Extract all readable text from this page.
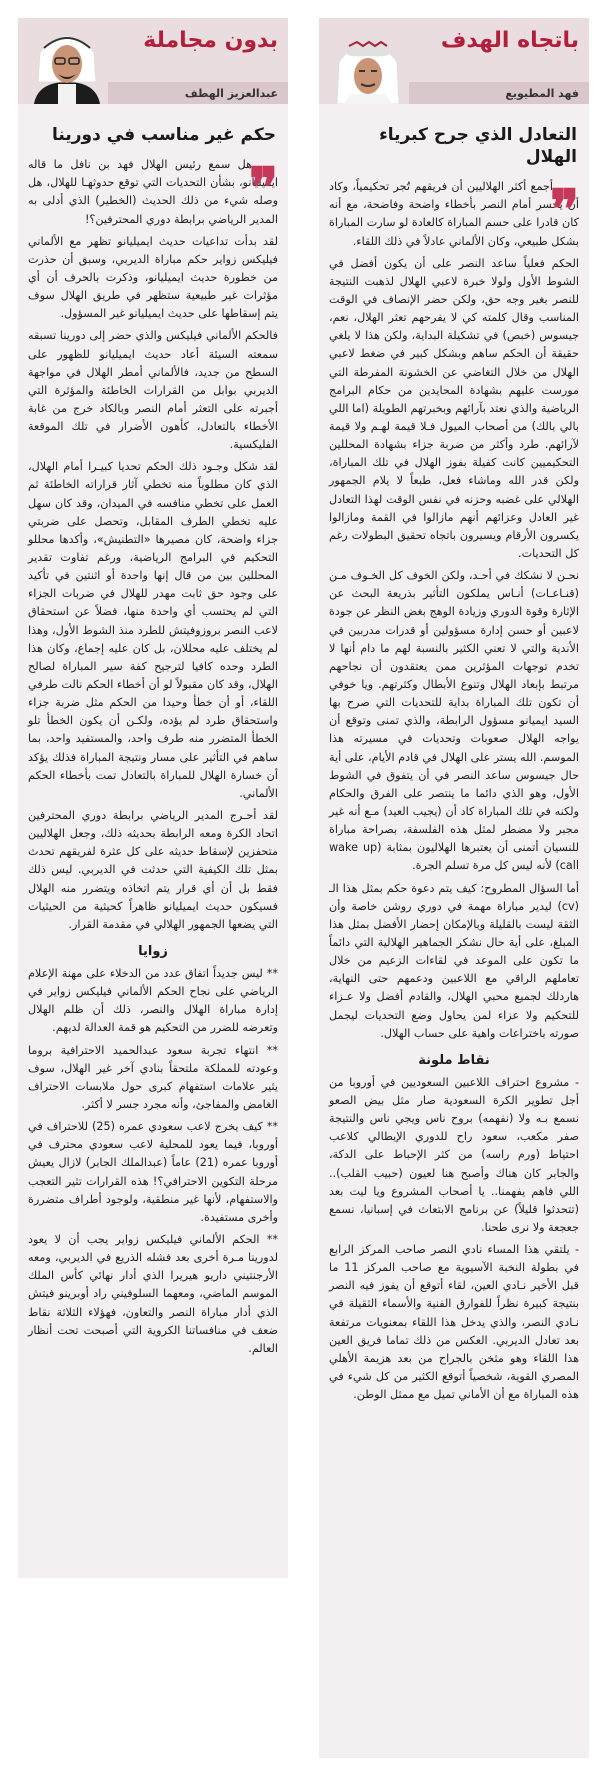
باتجاه الهدف
فهد المطيويع
التعادل الذي جرح كبرياء الهلال
❞

أجمع أكثر الهلاليين أن فريقهم تُجر تحكيمياً، وكاد أن يخسر أمام النصر بأخطاء واضحة وفاضحة، مع أنه كان قادرا على حسم المباراة كالعادة لو سارت المباراة بشكل طبيعي، وكان الألماني عادلاً في ذلك اللقاء.

الحكم فعلياً ساعد النصر على أن يكون أفضل في الشوط الأول ولولا خبرة لاعبي الهلال لذهبت النتيجة للنصر بغير وجه حق، ولكن حضر الإنصاف في الوقت المناسب وقال كلمته كي لا يفرحهم تعثر الهلال، نعم، جيسوس (خبص) في تشكيلة البداية، ولكن هذا لا يلغي حقيقة أن الحكم ساهم وبشكل كبير في ضغط لاعبي الهلال من خلال التغاضي عن الخشونة المفرطة التي مورست عليهم بشهادة المحايدين من حكام البرامج الرياضية والذي نعتد بآرائهم وبخبرتهم الطويلة (اما اللي بالي بالك) من أصحاب الميول فـلا قيمة لهـم ولا قيمة لآرائهم. طرد وأكثر من ضربة جزاء بشهادة المحللين التحكيميين كانت كفيلة بفوز الهلال في تلك المباراة، ولكن قدر الله وماشاء فعل، طبعاً لا يلام الجمهور الهلالي على غضبه وحزنه في نفس الوقت لهذا التعادل غير العادل وعزائهم أنهم مازالوا في القمة ومازالوا يكسرون الأرقام ويسيرون باتجاه تحقيق البطولات رغم كل التحديات.

نحـن لا نشكك في أحـد، ولكن الخوف كل الخـوف مـن (قنـاعـات) أنـاس يملكون التأثير بذريعة البحث عن الإثارة وقوة الدوري وزيادة الوهج بغض النظر عن جودة لاعبين أو حسن إدارة مسؤولين أو قدرات مدربين في الأندية والتي لا تعني الكثير بالنسبة لهم ما دام أنها لا تخدم توجهات المؤثرين ممن يعتقدون أن نجاحهم مرتبط بإبعاد الهلال وتنوع الأبطال وكثرتهم. ويا خوفي أن تكون تلك المباراة بداية للتحديات التي صرح بها السيد ايميانو مسؤول الرابطة، والذي تمنى وتوقع أن يواجه الهلال صعوبات وتحديات في مسيرته هذا الموسم. الله يستر على الهلال في قادم الأيام، على أية حال جيسوس ساعد النصر في أن يتفوق في الشوط الأول، وهو الذي دائما ما ينتصر على الفرق والحكام ولكنه في تلك المباراة كاد أن (يجيب العيد) مـع أنه غير مجبر ولا مضطر لمثل هذه الفلسفة، بصراحة مباراة للنسيان أتمنى أن يعتبرها الهلاليون بمثابة (wake up call) لأنه ليس كل مرة تسلم الجرة.

أما السؤال المطروح: كيف يتم دعوة حكم بمثل هذا الـ (cv) ليدير مباراة مهمة في دوري روشن خاصة وأن الثقة ليست بالقليلة وبالإمكان إحضار الأفضل بمثل هذا المبلغ، على أية حال نشكر الجماهير الهلالية التي دائماً ما تكون على الموعد في لقاءات الزعيم من خلال تعاملهم الراقي مع اللاعبين ودعمهم حتى النهاية، هاردلك لجميع محبي الهلال، والقادم أفضل ولا عـزاء للتحكيم ولا عزاء لمن يحاول وضع التحديات ليجمل صورته باختراعات واهية على حساب الهلال.

نقاط ملونة

- مشروع احتراف اللاعبين السعوديين في أوروبا من أجل تطوير الكرة السعودية صار مثل بيض الصعو نسمع بـه ولا (نفهمه) بروح ناس ويجي ناس والنتيجة صفر مكعب، سعود راح للدوري الإيطالي كلاعب احتياط (ورم راسه) من كثر الإحباط على الدكة، والجابر كان هناك وأصبح هنا لعيون (حبيب القلب).. اللي فاهم يفهمنا.. يا أصحاب المشروع ويا ليت بعد (تتحدثوا قليلاً) عن برنامج الابتعاث في إسبانيا، نسمع جعجعة ولا نرى طحنا.

- يلتقي هذا المساء نادي النصر صاحب المركز الرابع في بطولة النخبة الآسيوية مع صاحب المركز 11 ما قبل الأخير نـادي العين، لقاء أتوقع أن يفوز فيه النصر بنتيجة كبيرة نظراً للفوارق الفنية والأسماء الثقيلة في نـادي النصر، والذي يدخل هذا اللقاء بمعنويات مرتفعة بعد تعادل الديربي. العكس من ذلك تماما فريق العين هذا اللقاء وهو مثخن بالجراح من بعد هزيمة الأهلي المصري القوية، شخصياً أتوقع الكثير من كل شيء في هذه المباراة مع أن الأماني تميل مع ممثل الوطن.

بدون مجاملة
عبدالعزيز الهطف
حكم غير مناسب في دورينا
❞

هل سمع رئيس الهلال فهد بن نافل ما قاله ايميليانو، بشأن التحديات التي توقع حدوثهـا للهلال، هل وصله شيء من ذلك الحديث (الخطير) الذي أدلى به المدير الرياضي برابطة دوري المحترفين؟!

لقد بدأت تداعيات حديث ايميليانو تظهر مع الألماني فيليكس زواير حكم مباراة الديربي، وسبق أن حذرت من خطورة حديث ايميليانو، وذكرت بالحرف أن أي مؤثرات غير طبيعية ستظهر في طريق الهلال سوف يتم إسقاطها على حديث ايميليانو غير المسؤول.

فالحكم الألماني فيليكس والذي حضر إلى دورينا تسبقه سمعته السيئة أعاد حديث ايميليانو للظهور على السطح من جديد، فالألماني أمطر الهلال في مواجهة الديربي بوابل من القرارات الخاطئة والمؤثرة التي أجبرته على التعثر أمام النصر وبالكاد خرج من غابة الأخطاء بالتعادل، كأهون الأضرار في تلك الموقعة الفليكسية.

لقد شكل وجـود ذلك الحكم تحديا كبيـرا أمام الهلال، الذي كان مطلوباً منه تخطي آثار قراراته الخاطئة ثم العمل على تخطي منافسه في الميدان، وقد كان سهل عليه تخطي الطرف المقابل، وتحصل على ضربتي جزاء واضحة، كان مصيرها «التطنيش»، وأكدها محللو التحكيم في البرامج الرياضية، ورغم تفاوت تقدير المحللين بين من قال إنها واحدة أو اثنتين في تأكيد على وجود حق ثابت مهدر للهلال في ضربات الجزاء التي لم يحتسب أي واحدة منها، فضلاً عن استحقاق لاعب النصر بروزوفيتش للطرد منذ الشوط الأول، وهذا لم يختلف عليه محللان، بل كان عليه إجماع، وكان هذا الطرد وحده كافيا لترجيح كفة سير المباراة لصالح الهلال، وقد كان مقبولاً لو أن أخطاء الحكم نالت طرفي اللقاء، أو أن خطأ وحيدا من الحكم مثل ضربة جزاء واستحقاق طرد لم يؤده، ولكـن أن يكون الخطأ تلو الخطأ المتضرر منه طرف واحد، والمستفيد واحد، بما ساهم في التأثير على مسار ونتيجة المباراة فذلك يؤكد أن خسارة الهلال للمباراة بالتعادل تمت بأخطاء الحكم الألماني.

لقد أحـرج المدير الرياضي برابطة دوري المحترفين اتحاد الكرة ومعه الرابطة بحديثه ذلك، وجعل الهلاليين متحفزين لإسقاط حديثه على كل عثرة لفريقهم تحدث بمثل تلك الكيفية التي حدثت في الديربي. ليس ذلك فقط بل أن أي قرار يتم اتخاذه ويتضرر منه الهلال فسيكون حديث ايميليانو ظاهراً كحيثية من الحيثيات التي يضعها الجمهور الهلالي في مقدمة القرار.

زوايا

** ليس جديداً اتفاق عدد من الدخلاء على مهنة الإعلام الرياضي على نجاح الحكم الألماني فيليكس زواير في إدارة مباراة الهلال والنصر، ذلك أن ظلم الهلال وتعرضه للضرر من التحكيم هو قمة العدالة لديهم.

** انتهاء تجربة سعود عبدالحميد الاحترافية بروما وعودته للمملكة ملتحقاً بنادي آخر غير الهلال، سوف يثير علامات استفهام كبرى حول ملابسات الاحتراف الغامض والمفاجئ، وأنه مجرد جسر لا أكثر.

** كيف يخرج لاعب سعودي عمره (25) للاحتراف في أوروبا، فيما يعود للمحلية لاعب سعودي محترف في أوروبا عمره (21) عاماً (عبدالملك الجابر) لازال يعيش مرحلة التكوين الاحترافي؟! هذه القرارات تثير التعجب والاستفهام، لأنها غير منطقية، ولوجود أطراف متضررة وأخرى مستفيدة.

** الحكم الألماني فيليكس زواير يجب أن لا يعود لدورينا مـرة أخرى بعد فشله الذريع في الديربي، ومعه الأرجنتيني داريو هيريرا الذي أدار نهائي كأس الملك الموسم الماضي، ومعهما السلوفيني راد أوبرينو فيتش الذي أدار مباراة النصر والتعاون، فهؤلاء الثلاثة نقاط ضعف في منافساتنا الكروية التي أصبحت تحت أنظار العالم.
